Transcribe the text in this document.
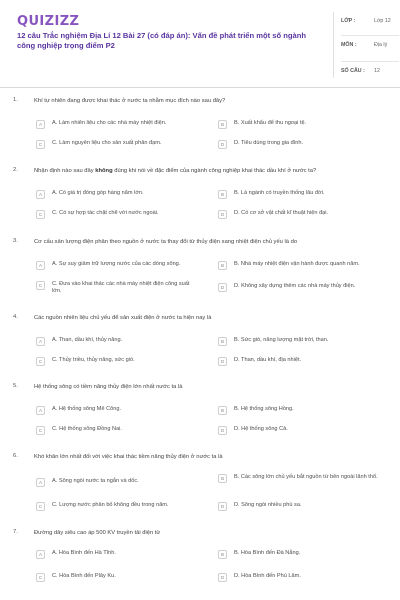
QUIZIZZ
12 câu Trắc nghiệm Địa Lí 12 Bài 27 (có đáp án): Vấn đề phát triển một số ngành công nghiệp trọng điểm P2
LỚP :	Lớp 12
MÔN :	Địa lý
SỐ CÂU : 12
1.	Khí tự nhiên đang được khai thác ở nước ta nhằm mục đích nào sau đây?
A	A. Làm nhiên liệu cho các nhà máy nhiệt điện.	B	B. Xuất khẩu để thu ngoại tệ.
C	C. Làm nguyên liệu cho sản xuất phân đạm.	D	D. Tiêu dùng trong gia đình.
2.	Nhận định nào sau đây không đúng khi nói về đặc điểm của ngành công nghiệp khai thác dầu khí ở nước ta?
A	A. Có giá trị đóng góp hàng năm lớn.	B	B. Là ngành có truyền thống lâu đời.
C	C. Có sự hợp tác chặt chẽ với nước ngoài.	D	D. Có cơ sở vật chất kĩ thuật hiện đại.
3.	Cơ cấu sản lượng điện phân theo nguồn ở nước ta thay đổi từ thủy điện sang nhiệt điện chủ yếu là do
A	A. Sự suy giảm trữ lượng nước của các dòng sông.	B	B. Nhà máy nhiệt điện vận hành được quanh năm.
C	C. Đưa vào khai thác các nhà máy nhiệt điện công suất lớn.
D	D. Không xây dựng thêm các nhà máy thủy điện.
4.	Các nguồn nhiên liệu chủ yếu để sản xuất điện ở nước ta hiện nay là
A	A. Than, dầu khí, thủy năng.	B	B. Sức gió, năng lượng mặt trời, than.
C	C. Thủy triều, thủy năng, sức gió.	D	D. Than, dầu khí, địa nhiệt.
5.	Hệ thống sông có tiềm năng thủy điện lớn nhất nước ta là
A	A. Hệ thống sông Mê Công.	B	B. Hệ thống sông Hồng.
C	C. Hệ thống sông Đồng Nai.	D	D. Hệ thống sông Cả.
6.	Khó khăn lớn nhất đối với việc khai thác tiềm năng thủy điện ở nước ta là
A	A. Sông ngòi nước ta ngắn và dốc.	B	B. Các sông lớn chủ yếu bắt nguồn từ bên ngoài lãnh thổ.
C	C. Lượng nước phân bố không đều trong năm.	D	D. Sông ngòi nhiều phù sa.
7.	Đường dây siêu cao áp 500 KV truyền tải điện từ
A	A. Hòa Bình đến Hà Tĩnh.	B	B. Hòa Bình đến Đà Nẵng.
C	C. Hòa Bình đến Plây Ku.	D	D. Hòa Bình đến Phú Lâm.
